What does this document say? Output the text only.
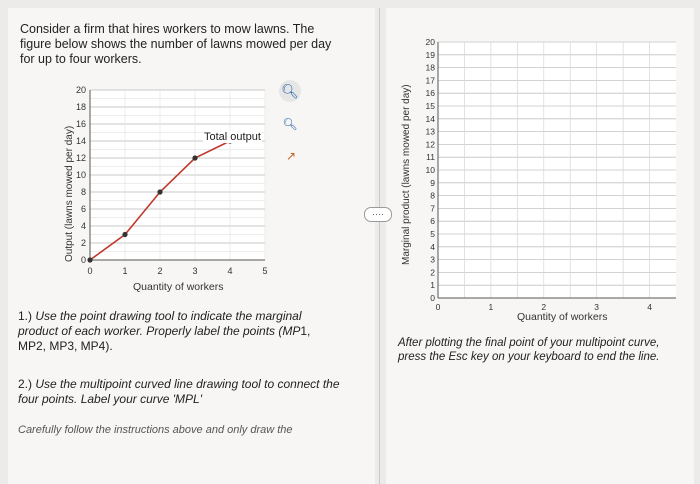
····
Consider a firm that hires workers to mow lawns. The figure below shows the number of lawns mowed per day for up to four workers.
0
2
4
6
8
10
12
14
16
18
20
0	1	2	3	4	5
Output (lawns mowed per day)
Quantity of workers
Total output
🔍︎
🔍︎
↗
1.) Use the point drawing tool to indicate the marginal product of each worker. Properly label the points (MP1,
MP2, MP3, MP4).
2.) Use the multipoint curved line drawing tool to connect the four points. Label your curve 'MPL'
Carefully follow the instructions above and only draw the
0
1
2
3
4
5
6
7
8
9
10
11
12
13
14
15
16
17
18
19
20
0	1	2	3	4
Marginal product (lawns mowed per day)
Quantity of workers
After plotting the final point of your multipoint curve, press the Esc key on your keyboard to end the line.
